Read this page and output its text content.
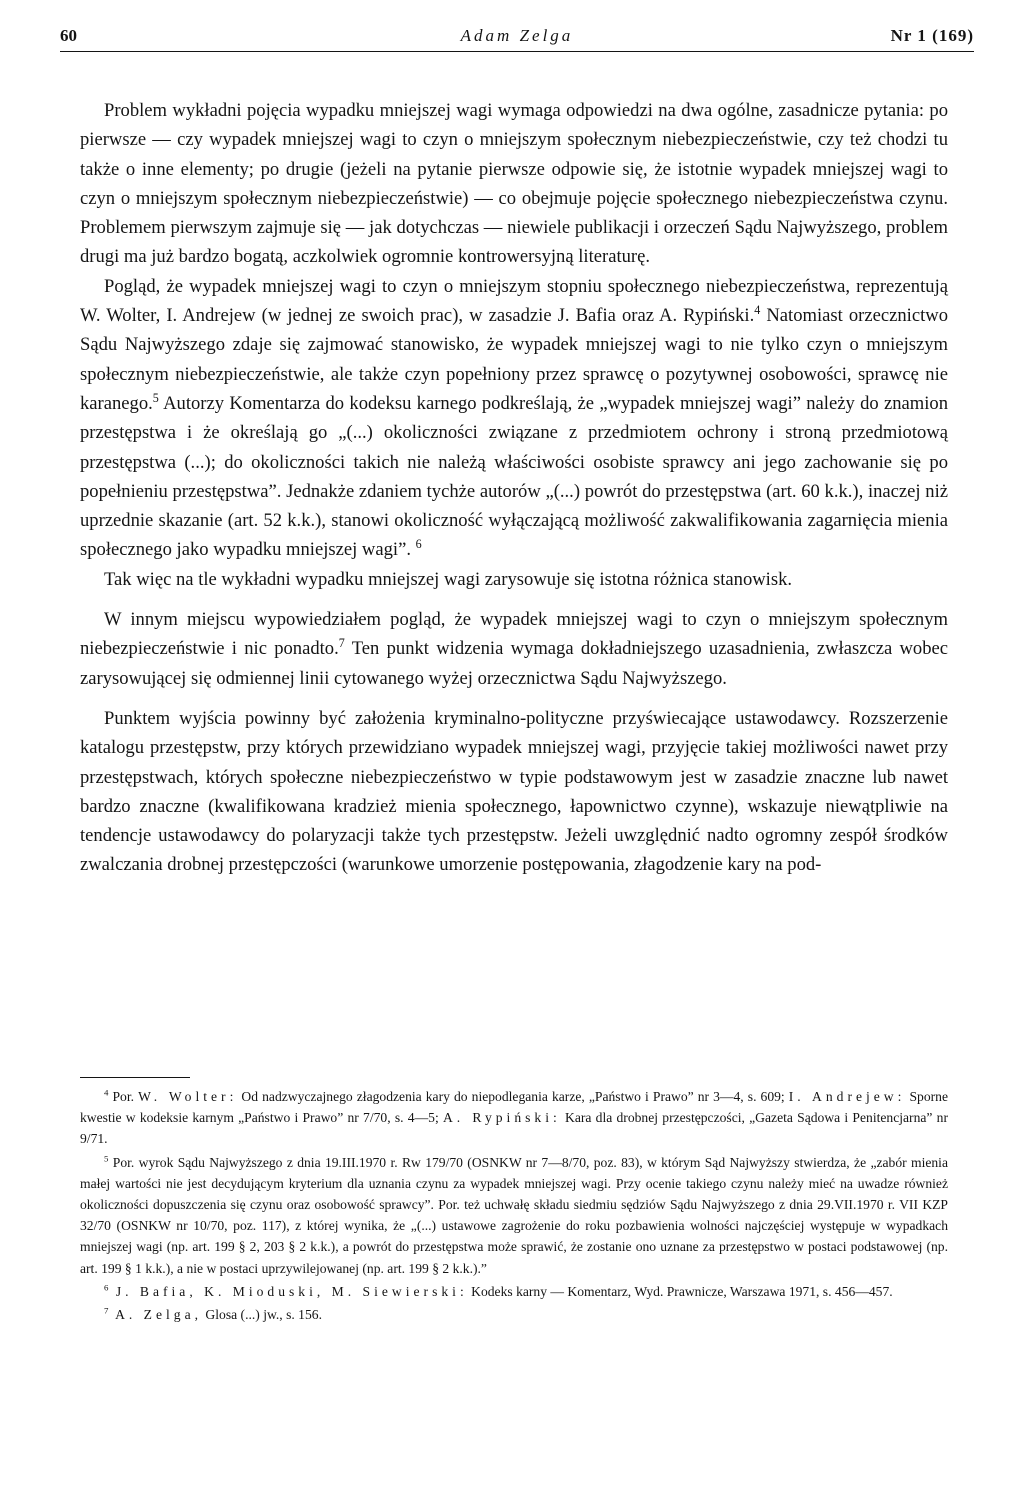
60	Adam Zelga	Nr 1 (169)

Problem wykładni pojęcia wypadku mniejszej wagi wymaga odpowiedzi na dwa ogólne, zasadnicze pytania: po pierwsze — czy wypadek mniejszej wagi to czyn o mniejszym społecznym niebezpieczeństwie, czy też chodzi tu także o inne elementy; po drugie (jeżeli na pytanie pierwsze odpowie się, że istotnie wypadek mniejszej wagi to czyn o mniejszym społecznym niebezpieczeństwie) — co obejmuje pojęcie społecznego niebezpieczeństwa czynu. Problemem pierwszym zajmuje się — jak dotychczas — niewiele publikacji i orzeczeń Sądu Najwyższego, problem drugi ma już bardzo bogatą, aczkolwiek ogromnie kontrowersyjną literaturę.

Pogląd, że wypadek mniejszej wagi to czyn o mniejszym stopniu społecznego niebezpieczeństwa, reprezentują W. Wolter, I. Andrejew (w jednej ze swoich prac), w zasadzie J. Bafia oraz A. Rypiński.$^4$ Natomiast orzecznictwo Sądu Najwyższego zdaje się zajmować stanowisko, że wypadek mniejszej wagi to nie tylko czyn o mniejszym społecznym niebezpieczeństwie, ale także czyn popełniony przez sprawcę o pozytywnej osobowości, sprawcę nie karanego.$^5$ Autorzy Komentarza do kodeksu karnego podkreślają, że „wypadek mniejszej wagi” należy do znamion przestępstwa i że określają go „(...) okoliczności związane z przedmiotem ochrony i stroną przedmiotową przestępstwa (...); do okoliczności takich nie należą właściwości osobiste sprawcy ani jego zachowanie się po popełnieniu przestępstwa”. Jednakże zdaniem tychże autorów „(...) powrót do przestępstwa (art. 60 k.k.), inaczej niż uprzednie skazanie (art. 52 k.k.), stanowi okoliczność wyłączającą możliwość zakwalifikowania zagarnięcia mienia społecznego jako wypadku mniejszej wagi”. $^6$

Tak więc na tle wykładni wypadku mniejszej wagi zarysowuje się istotna różnica stanowisk.

W innym miejscu wypowiedziałem pogląd, że wypadek mniejszej wagi to czyn o mniejszym społecznym niebezpieczeństwie i nic ponadto.$^7$ Ten punkt widzenia wymaga dokładniejszego uzasadnienia, zwłaszcza wobec zarysowującej się odmiennej linii cytowanego wyżej orzecznictwa Sądu Najwyższego.

Punktem wyjścia powinny być założenia kryminalno-polityczne przyświecające ustawodawcy. Rozszerzenie katalogu przestępstw, przy których przewidziano wypadek mniejszej wagi, przyjęcie takiej możliwości nawet przy przestępstwach, których społeczne niebezpieczeństwo w typie podstawowym jest w zasadzie znaczne lub nawet bardzo znaczne (kwalifikowana kradzież mienia społecznego, łapownictwo czynne), wskazuje niewątpliwie na tendencje ustawodawcy do polaryzacji także tych przestępstw. Jeżeli uwzględnić nadto ogromny zespół środków zwalczania drobnej przestępczości (warunkowe umorzenie postępowania, złagodzenie kary na pod-

$^4$ Por. W. Wolter: Od nadzwyczajnego złagodzenia kary do niepodlegania karze, „Państwo i Prawo” nr 3—4, s. 609; I. Andrejew: Sporne kwestie w kodeksie karnym „Państwo i Prawo” nr 7/70, s. 4—5; A. Rypiński: Kara dla drobnej przestępczości, „Gazeta Sądowa i Penitencjarna” nr 9/71.

$^5$ Por. wyrok Sądu Najwyższego z dnia 19.III.1970 r. Rw 179/70 (OSNKW nr 7—8/70, poz. 83), w którym Sąd Najwyższy stwierdza, że „zabór mienia małej wartości nie jest decydującym kryterium dla uznania czynu za wypadek mniejszej wagi. Przy ocenie takiego czynu należy mieć na uwadze również okoliczności dopuszczenia się czynu oraz osobowość sprawcy”. Por. też uchwałę składu siedmiu sędziów Sądu Najwyższego z dnia 29.VII.1970 r. VII KZP 32/70 (OSNKW nr 10/70, poz. 117), z której wynika, że „(...) ustawowe zagrożenie do roku pozbawienia wolności najczęściej występuje w wypadkach mniejszej wagi (np. art. 199 § 2, 203 § 2 k.k.), a powrót do przestępstwa może sprawić, że zostanie ono uznane za przestępstwo w postaci podstawowej (np. art. 199 § 1 k.k.), a nie w postaci uprzywilejowanej (np. art. 199 § 2 k.k.).”

$^6$ J. Bafia, K. Mioduski, M. Siewierski: Kodeks karny — Komentarz, Wyd. Prawnicze, Warszawa 1971, s. 456—457.

$^7$ A. Zelga, Glosa (...) jw., s. 156.
